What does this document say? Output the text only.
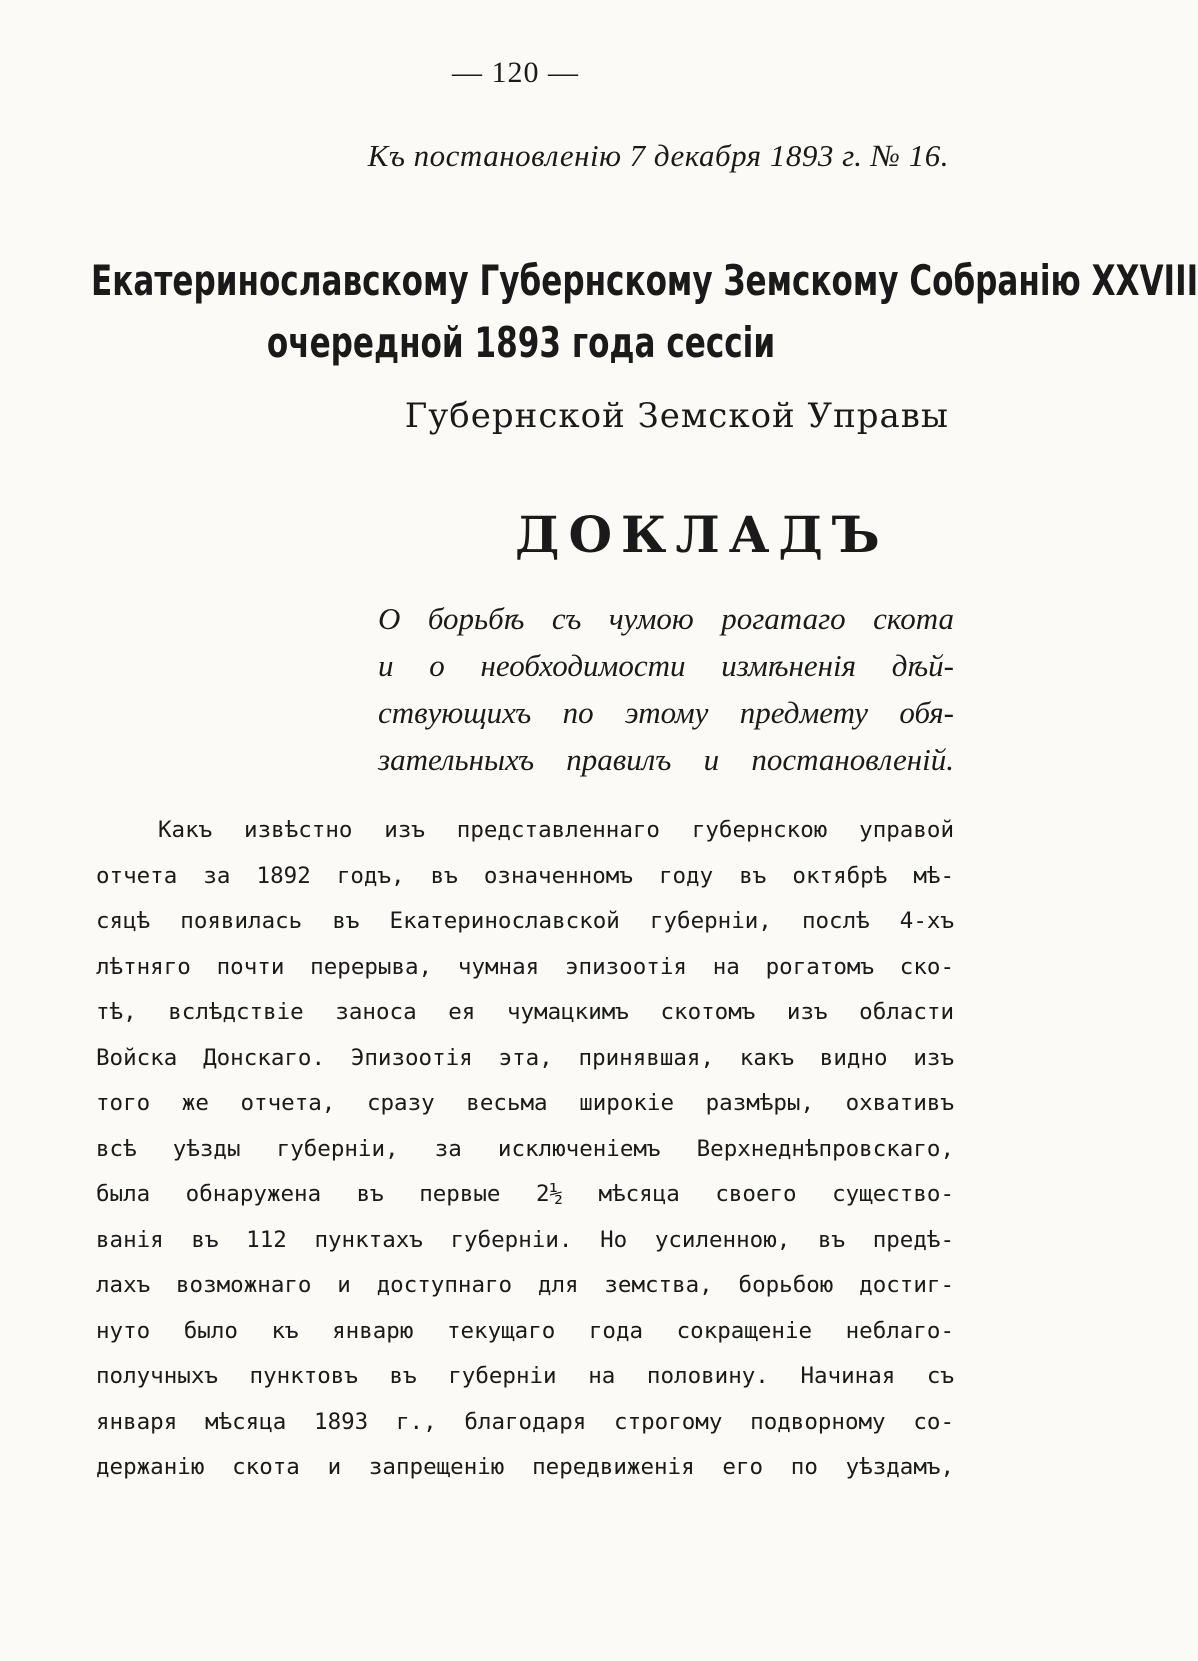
— 120 —
Къ постановленію 7 декабря 1893 г. № 16.
Екатеринославскому Губернскому Земскому Собранію XXVIII
очередной 1893 года сессіи
Губернской Земской Управы
ДОКЛАДЪ
О борьбѣ съ чумою рогатаго скота
и о необходимости измѣненія дѣй-
ствующихъ по этому предмету обя-
зательныхъ правилъ и постановленій.
Какъ извѣстно изъ представленнаго губернскою управой
отчета за 1892 годъ, въ означенномъ году въ октябрѣ мѣ-
сяцѣ появилась въ Екатеринославской губерніи, послѣ 4-хъ
лѣтняго почти перерыва, чумная эпизоотія на рогатомъ ско-
тѣ, вслѣдствіе заноса ея чумацкимъ скотомъ изъ области
Войска Донскаго. Эпизоотія эта, принявшая, какъ видно изъ
того же отчета, сразу весьма широкіе размѣры, охвативъ
всѣ уѣзды губерніи, за исключеніемъ Верхнеднѣпровскаго,
была обнаружена въ первые 2½ мѣсяца своего существо-
ванія въ 112 пунктахъ губерніи. Но усиленною, въ предѣ-
лахъ возможнаго и доступнаго для земства, борьбою достиг-
нуто было къ январю текущаго года сокращеніе неблаго-
получныхъ пунктовъ въ губерніи на половину. Начиная съ
января мѣсяца 1893 г., благодаря строгому подворному со-
держанію скота и запрещенію передвиженія его по уѣздамъ,
